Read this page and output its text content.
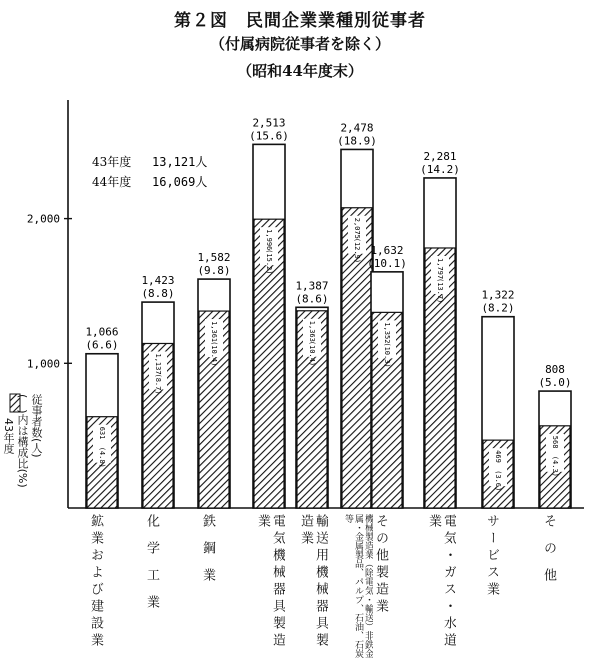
第２図　民間企業業種別従事者
（付属病院従事者を除く）
（昭和44年度末）
1,000
2,000
1,066
(6.6)
631
(4.8)
鉱業および建設業
1,423
(8.8)
1,137
(8.7)
化学工業
1,582
(9.8)
1,361
(10.4)
鉄鋼業
2,513
(15.6)
1,996
(15.2)
電気機械器具製造業
1,387
(8.6)
1,363
(10.4)
輸送用機械器具製造業
2,478
(18.9)
2,075
(12.9)
機械製造業（除電気・輸送）非鉄金属・金属製品、パルプ、石油、石炭等
1,632
(10.1)
1,352
(10.3)
その他製造業
2,281
(14.2)
1,797
(13.7)
電気・ガス・水道業
1,322
(8.2)
469
(3.6)
サービス業
808
(5.0)
568
(4.3)
その他
43年度 13,121人
44年度 16,069人
従事者数(人)
(　)内は構成比(%)
43年度
